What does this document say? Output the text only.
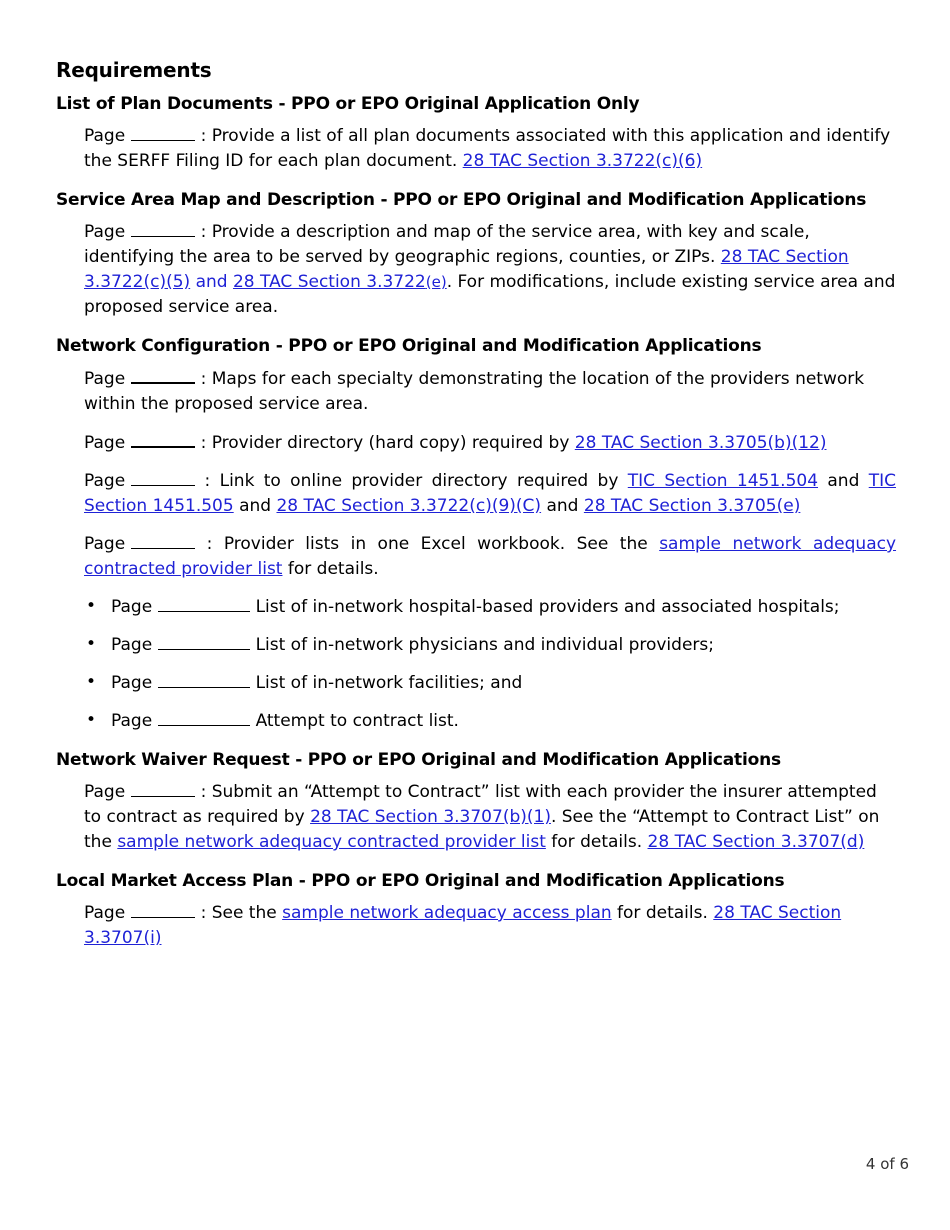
Requirements
List of Plan Documents - PPO or EPO Original Application Only

Page	: Provide a list of all plan documents associated with this application and identify the SERFF Filing ID for each plan document. 28 TAC Section 3.3722(c)(6)

Service Area Map and Description - PPO or EPO Original and Modification Applications

Page	: Provide a description and map of the service area, with key and scale, identifying the area to be served by geographic regions, counties, or ZIPs. 28 TAC Section 3.3722(c)(5) and 28 TAC Section 3.3722(e). For modifications, include existing service area and proposed service area.

Network Configuration - PPO or EPO Original and Modification Applications

Page	: Maps for each specialty demonstrating the location of the providers network within the proposed service area.

Page	: Provider directory (hard copy) required by 28 TAC Section 3.3705(b)(12)

Page	: Link to online provider directory required by TIC Section 1451.504 and TIC Section 1451.505 and 28 TAC Section 3.3722(c)(9)(C) and 28 TAC Section 3.3705(e)

Page	: Provider lists in one Excel workbook. See the sample network adequacy contracted provider list for details.

• Page	List of in-network hospital-based providers and associated hospitals;
• Page	List of in-network physicians and individual providers;
• Page	List of in-network facilities; and
• Page	Attempt to contract list.
Network Waiver Request - PPO or EPO Original and Modification Applications

Page	: Submit an “Attempt to Contract” list with each provider the insurer attempted to contract as required by 28 TAC Section 3.3707(b)(1). See the “Attempt to Contract List” on the sample network adequacy contracted provider list for details. 28 TAC Section 3.3707(d)

Local Market Access Plan - PPO or EPO Original and Modification Applications

Page	: See the sample network adequacy access plan for details. 28 TAC Section 3.3707(i)

4 of 6
